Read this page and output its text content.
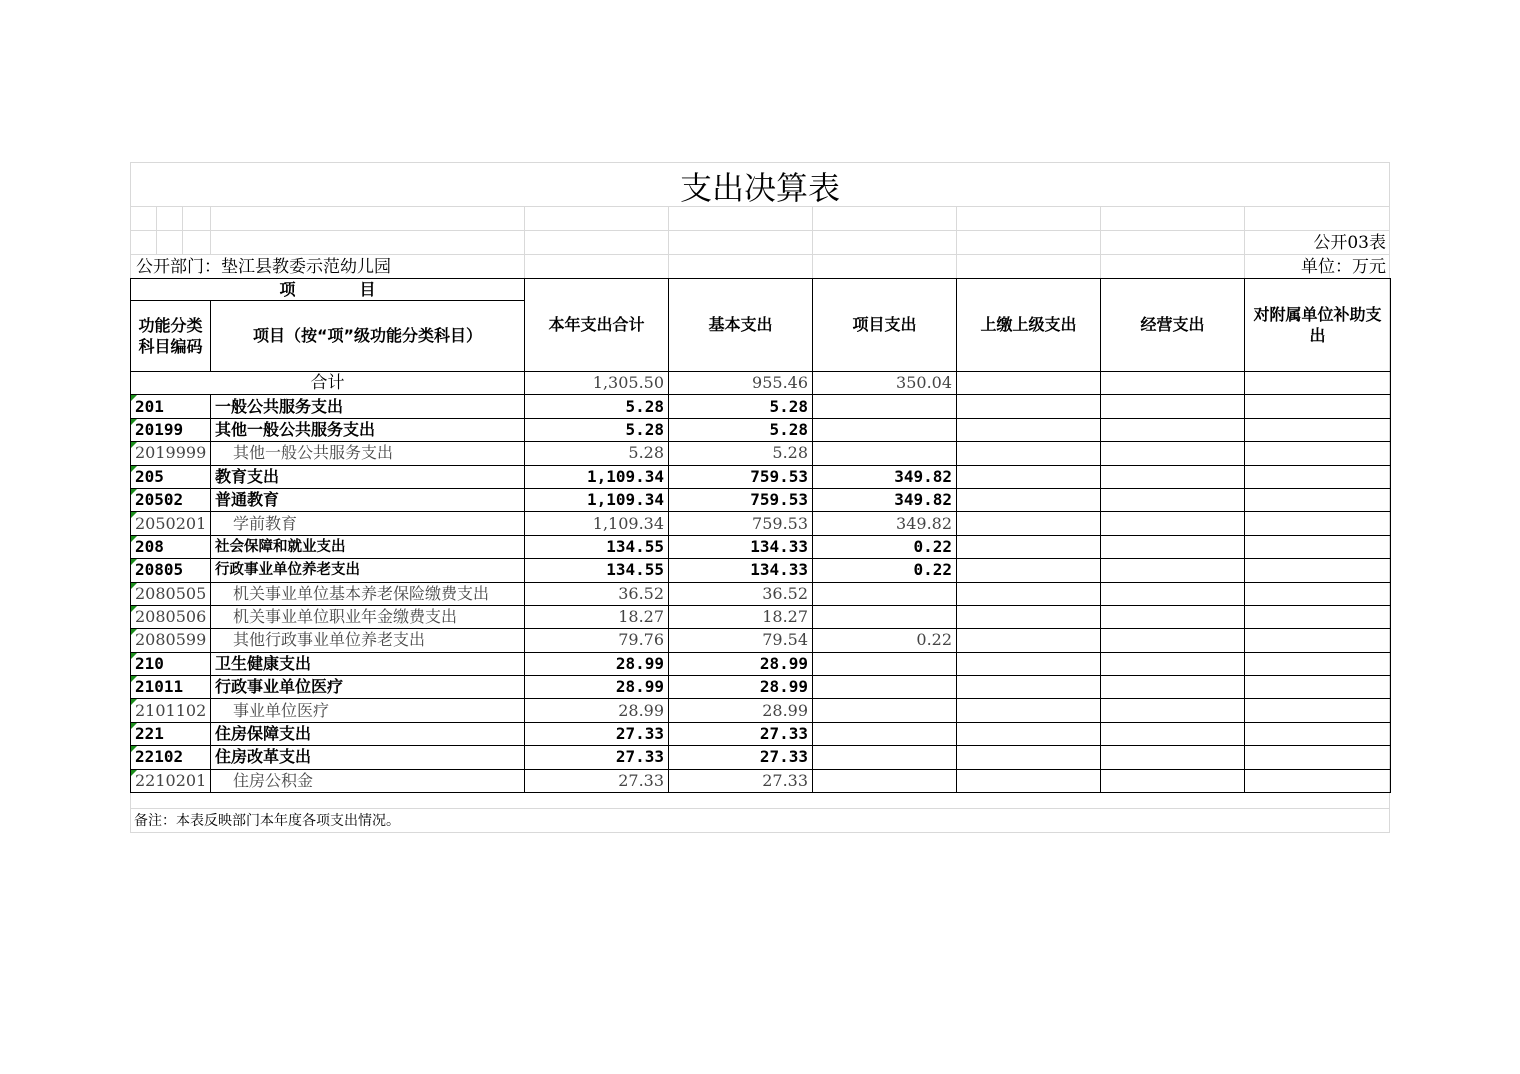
支出决算表
公开03表
公开部门：垫江县教委示范幼儿园	单位：万元
项　　　　目		本年支出合计	基本支出	项目支出	上缴上级支出	经营支出	对附属单位补助支出
功能分类科目编码	项目（按“项”级功能分类科目）						
合计		1,305.50	955.46	350.04			

201	一般公共服务支出	5.28	5.28				

20199	其他一般公共服务支出	5.28	5.28				

2019999	其他一般公共服务支出	5.28	5.28				

205	教育支出	1,109.34	759.53	349.82			

20502	普通教育	1,109.34	759.53	349.82			

2050201	学前教育	1,109.34	759.53	349.82			

208	社会保障和就业支出	134.55	134.33	0.22			

20805	行政事业单位养老支出	134.55	134.33	0.22			

2080505	机关事业单位基本养老保险缴费支出	36.52	36.52				

2080506	机关事业单位职业年金缴费支出	18.27	18.27				

2080599	其他行政事业单位养老支出	79.76	79.54	0.22			

210	卫生健康支出	28.99	28.99				

21011	行政事业单位医疗	28.99	28.99				

2101102	事业单位医疗	28.99	28.99				

221	住房保障支出	27.33	27.33				

22102	住房改革支出	27.33	27.33				

2210201	住房公积金	27.33	27.33				
备注：本表反映部门本年度各项支出情况。
